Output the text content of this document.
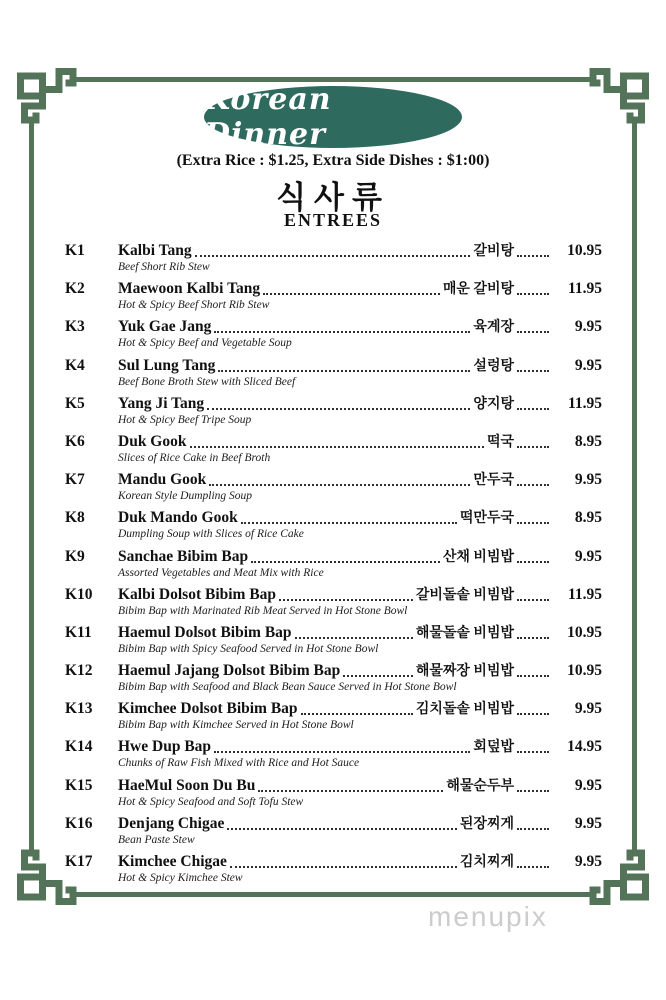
Korean Dinner
(Extra Rice : $1.25, Extra Side Dishes : $1:00)
식사류
ENTREES
K1	Kalbi Tang	갈비탕	10.95
Beef Short Rib Stew
K2	Maewoon Kalbi Tang	매운 갈비탕	11.95
Hot & Spicy Beef Short Rib Stew
K3	Yuk Gae Jang	육계장	9.95
Hot & Spicy Beef and Vegetable Soup
K4	Sul Lung Tang	설렁탕	9.95
Beef Bone Broth Stew with Sliced Beef
K5	Yang Ji Tang	양지탕	11.95
Hot & Spicy Beef Tripe Soup
K6	Duk Gook	떡국	8.95
Slices of Rice Cake in Beef Broth
K7	Mandu Gook	만두국	9.95
Korean Style Dumpling Soup
K8	Duk Mando Gook	떡만두국	8.95
Dumpling Soup with Slices of Rice Cake
K9	Sanchae Bibim Bap	산채 비빔밥	9.95
Assorted Vegetables and Meat Mix with Rice
K10	Kalbi Dolsot Bibim Bap	갈비돌솥 비빔밥	11.95
Bibim Bap with Marinated Rib Meat Served in Hot Stone Bowl
K11	Haemul Dolsot Bibim Bap	해물돌솥 비빔밥	10.95
Bibim Bap with Spicy Seafood Served in Hot Stone Bowl
K12	Haemul Jajang Dolsot Bibim Bap	해물짜장 비빔밥	10.95
Bibim Bap with Seafood and Black Bean Sauce Served in Hot Stone Bowl
K13	Kimchee Dolsot Bibim Bap	김치돌솥 비빔밥	9.95
Bibim Bap with Kimchee Served in Hot Stone Bowl
K14	Hwe Dup Bap	회덮밥	14.95
Chunks of Raw Fish Mixed with Rice and Hot Sauce
K15	HaeMul Soon Du Bu	해물순두부	9.95
Hot & Spicy Seafood and Soft Tofu Stew
K16	Denjang Chigae	된장찌게	9.95
Bean Paste Stew
K17	Kimchee Chigae	김치찌게	9.95
Hot & Spicy Kimchee Stew
menupix
